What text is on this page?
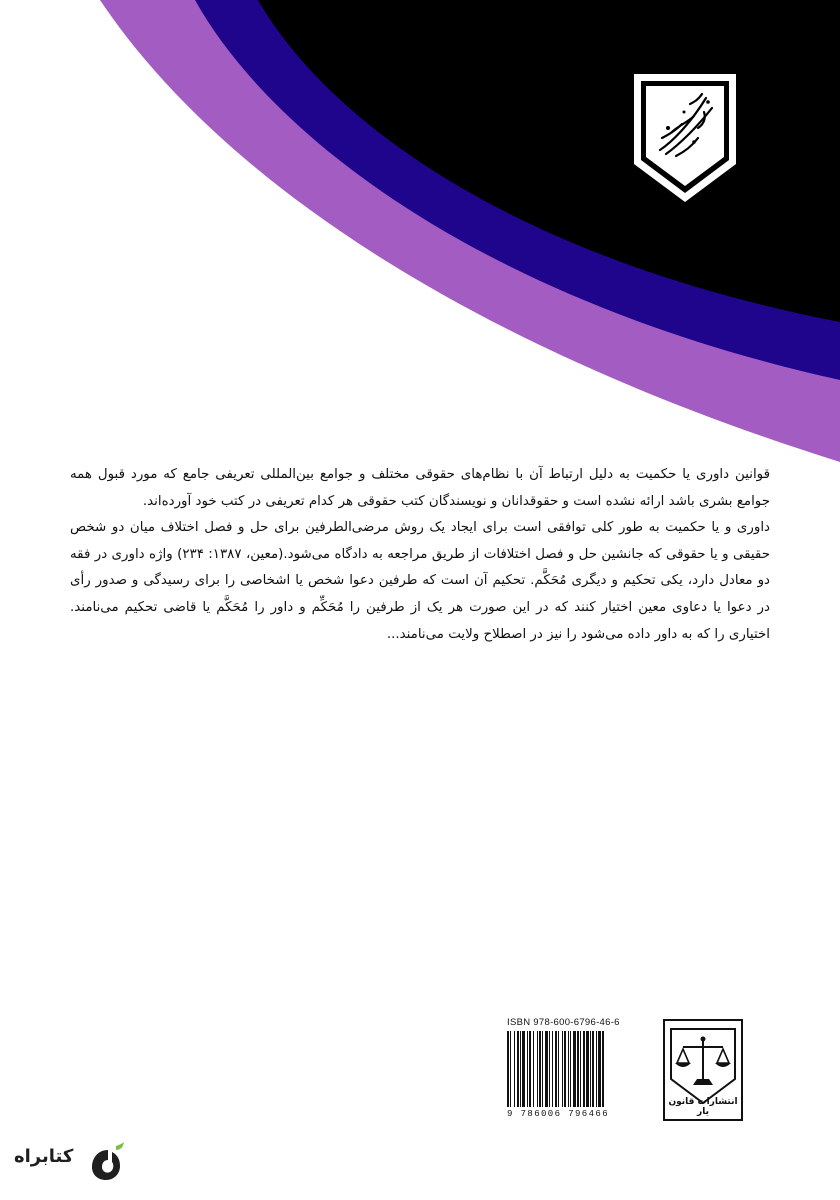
قوانین داوری یا حکمیت به دلیل ارتباط آن با نظام‌های حقوقی مختلف و جوامع بین‌المللی تعریفی جامع که مورد قبول همه جوامع بشری باشد ارائه نشده است و حقوقدانان و نویسندگان کتب حقوقی هر کدام تعریفی در کتب خود آورده‌اند.

داوری و یا حکمیت به طور کلی توافقی است برای ایجاد یک روش مرضی‌الطرفین برای حل و فصل اختلاف میان دو شخص حقیقی و یا حقوقی که جانشین حل و فصل اختلافات از طریق مراجعه به دادگاه می‌شود.(معین، ۱۳۸۷: ۲۳۴) واژه داوری در فقه دو معادل دارد، یکی تحکیم و دیگری مُحَکَّم. تحکیم آن است که طرفین دعوا شخص یا اشخاصی را برای رسیدگی و صدور رأی در دعوا یا دعاوی معین اختیار کنند که در این صورت هر یک از طرفین را مُحَکِّم و داور را مُحَکَّم یا قاضی تحکیم می‌نامند. اختیاری را که به داور داده می‌شود را نیز در اصطلاح ولایت می‌نامند...

ISBN 978-600-6796-46-6
9 786006 796466
انتشارات قانون یار
کتابراه
